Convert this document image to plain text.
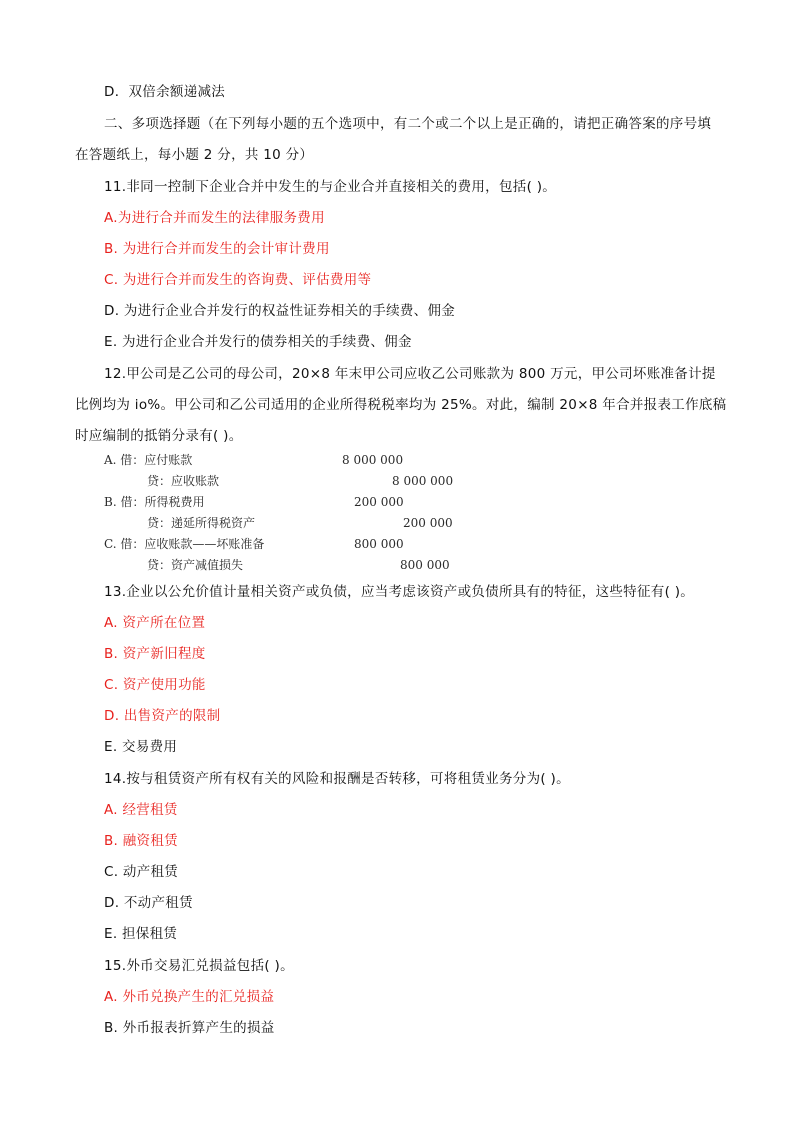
D．双倍余额递减法
二、多项选择题（在下列每小题的五个选项中，有二个或二个以上是正确的，请把正确答案的序号填
在答题纸上，每小题 2 分，共 10 分）
11.非同一控制下企业合并中发生的与企业合并直接相关的费用，包括( )。
A.为进行合并而发生的法律服务费用
B. 为进行合并而发生的会计审计费用
C. 为进行合并而发生的咨询费、评估费用等
D. 为进行企业合并发行的权益性证券相关的手续费、佣金
E. 为进行企业合并发行的债券相关的手续费、佣金
12.甲公司是乙公司的母公司，20×8 年末甲公司应收乙公司账款为 800 万元，甲公司坏账准备计提
比例均为 io%。甲公司和乙公司适用的企业所得税税率均为 25%。对此，编制 20×8 年合并报表工作底稿
时应编制的抵销分录有( )。
A. 借：应付账款	8 000 000
贷：应收账款	8 000 000
B. 借：所得税费用	200 000
贷：递延所得税资产	200 000
C. 借：应收账款——坏账准备	800 000
贷：资产减值损失	800 000
13.企业以公允价值计量相关资产或负债，应当考虑该资产或负债所具有的特征，这些特征有( )。
A. 资产所在位置
B. 资产新旧程度
C. 资产使用功能
D. 出售资产的限制
E. 交易费用
14.按与租赁资产所有权有关的风险和报酬是否转移，可将租赁业务分为( )。
A. 经营租赁
B. 融资租赁
C. 动产租赁
D. 不动产租赁
E. 担保租赁
15.外币交易汇兑损益包括( )。
A. 外币兑换产生的汇兑损益
B. 外币报表折算产生的损益
